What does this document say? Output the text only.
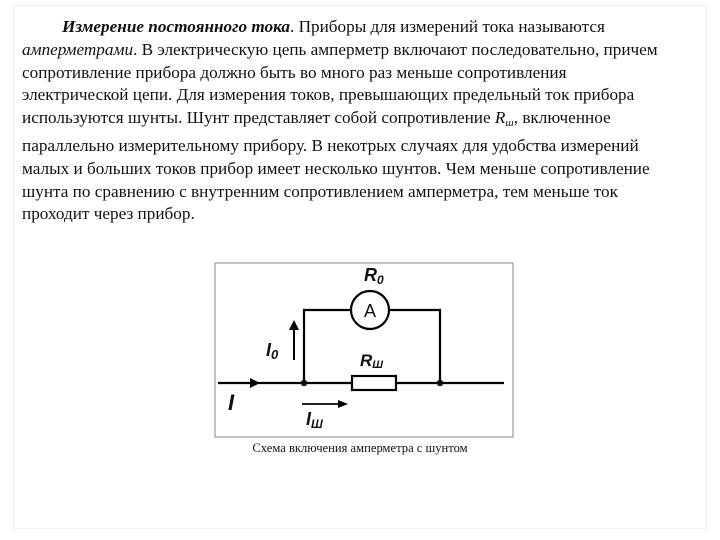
Измерение постоянного тока. Приборы для измерений тока называются амперметрами. В электрическую цепь амперметр включают последовательно, причем сопротивление прибора должно быть во много раз меньше сопротивления электрической цепи. Для измерения токов, превышающих предельный ток прибора используются шунты. Шунт представляет собой сопротивление $R_ш$, включенное параллельно измерительному прибору. В некотрых случаях для удобства измерений малых и больших токов прибор имеет несколько шунтов. Чем меньше сопротивление шунта по сравнению с внутренним сопротивлением амперметра, тем меньше ток проходит через прибор.

A
R0
I0	RШ
I
IШ
Схема включения амперметра с шунтом
